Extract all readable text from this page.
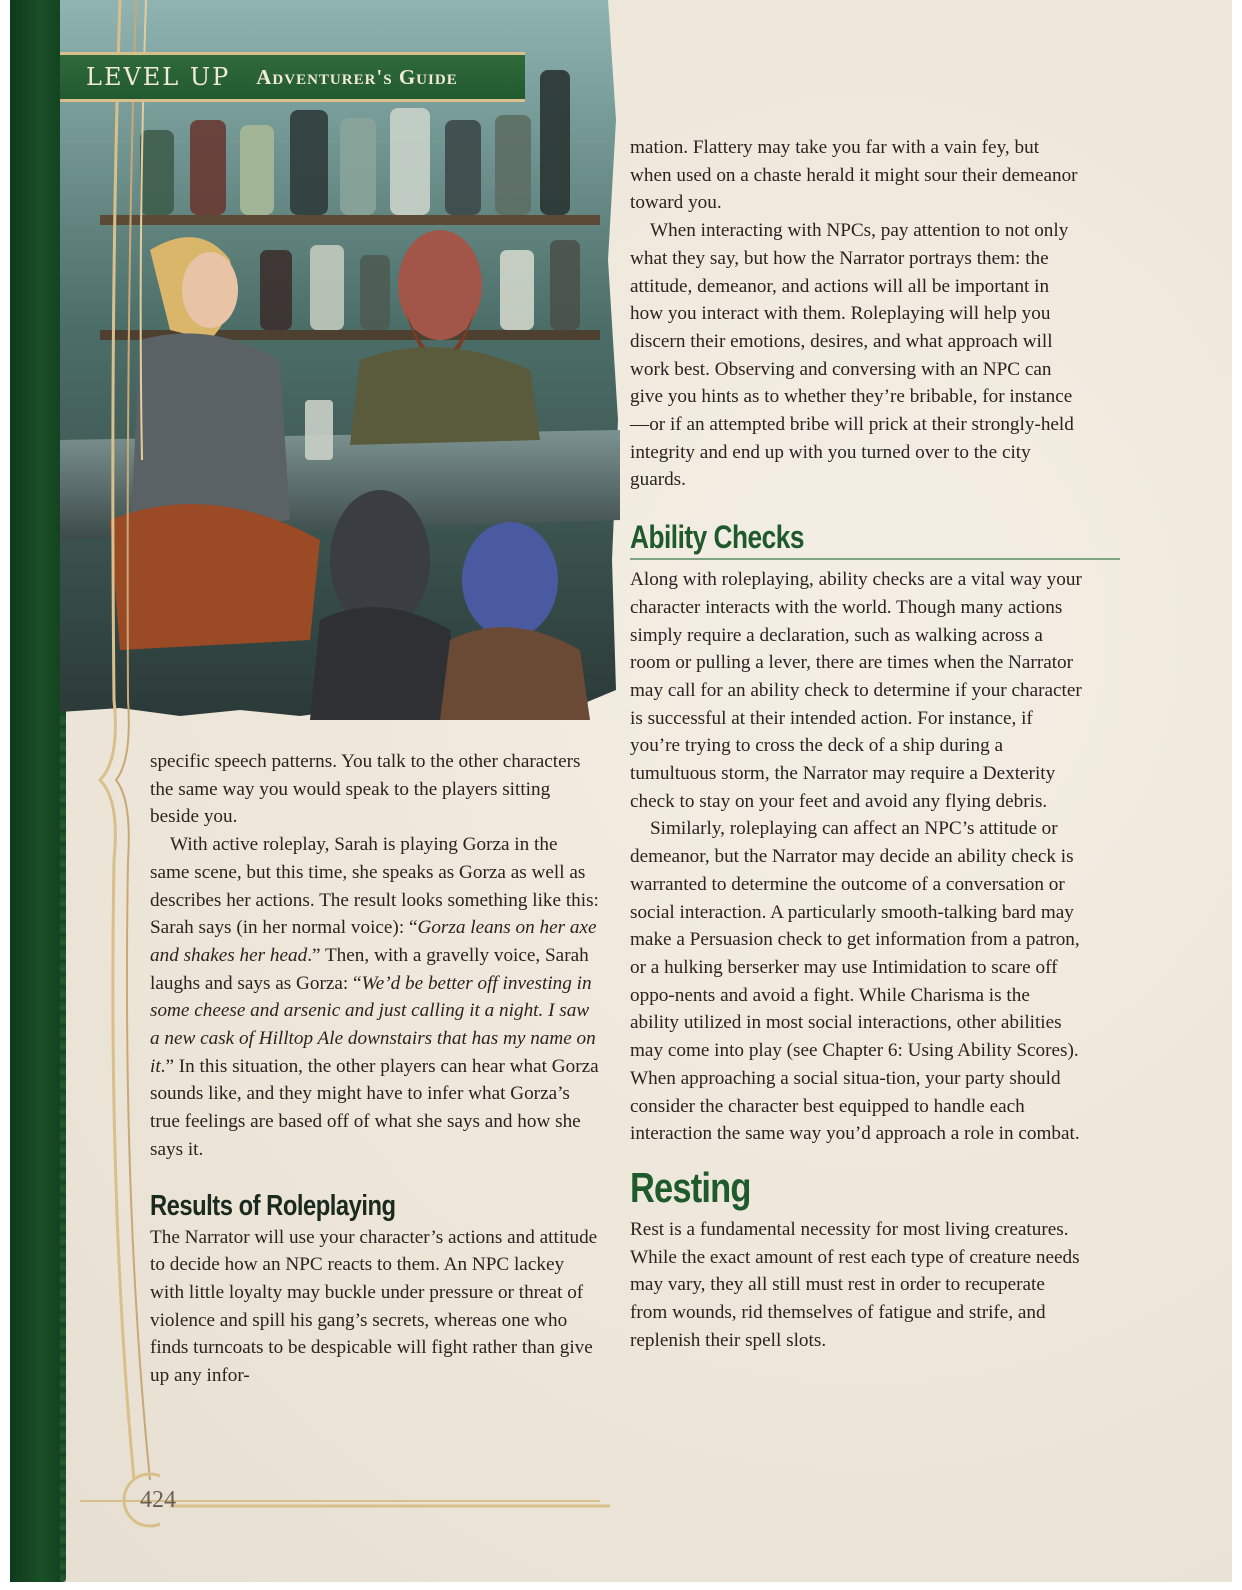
LEVEL UP Adventurer's Guide

specific speech patterns. You talk to the other characters the same way you would speak to the players sitting beside you.

With active roleplay, Sarah is playing Gorza in the same scene, but this time, she speaks as Gorza as well as describes her actions. The result looks something like this: Sarah says (in her normal voice): “Gorza leans on her axe and shakes her head.” Then, with a gravelly voice, Sarah laughs and says as Gorza: “We’d be better off investing in some cheese and arsenic and just calling it a night. I saw a new cask of Hilltop Ale downstairs that has my name on it.” In this situation, the other players can hear what Gorza sounds like, and they might have to infer what Gorza’s true feelings are based off of what she says and how she says it.

Results of Roleplaying

The Narrator will use your character’s actions and attitude to decide how an NPC reacts to them. An NPC lackey with little loyalty may buckle under pressure or threat of violence and spill his gang’s secrets, whereas one who finds turncoats to be despicable will fight rather than give up any infor-

mation. Flattery may take you far with a vain fey, but when used on a chaste herald it might sour their demeanor toward you.

When interacting with NPCs, pay attention to not only what they say, but how the Narrator portrays them: the attitude, demeanor, and actions will all be important in how you interact with them. Roleplaying will help you discern their emotions, desires, and what approach will work best. Observing and conversing with an NPC can give you hints as to whether they’re bribable, for instance—or if an attempted bribe will prick at their strongly-held integrity and end up with you turned over to the city guards.

Ability Checks

Along with roleplaying, ability checks are a vital way your character interacts with the world. Though many actions simply require a declaration, such as walking across a room or pulling a lever, there are times when the Narrator may call for an ability check to determine if your character is successful at their intended action. For instance, if you’re trying to cross the deck of a ship during a tumultuous storm, the Narrator may require a Dexterity check to stay on your feet and avoid any flying debris.

Similarly, roleplaying can affect an NPC’s attitude or demeanor, but the Narrator may decide an ability check is warranted to determine the outcome of a conversation or social interaction. A particularly smooth-talking bard may make a Persuasion check to get information from a patron, or a hulking berserker may use Intimidation to scare off oppo-nents and avoid a fight. While Charisma is the ability utilized in most social interactions, other abilities may come into play (see Chapter 6: Using Ability Scores). When approaching a social situa-tion, your party should consider the character best equipped to handle each interaction the same way you’d approach a role in combat.

Resting

Rest is a fundamental necessity for most living creatures. While the exact amount of rest each type of creature needs may vary, they all still must rest in order to recuperate from wounds, rid themselves of fatigue and strife, and replenish their spell slots.

424
